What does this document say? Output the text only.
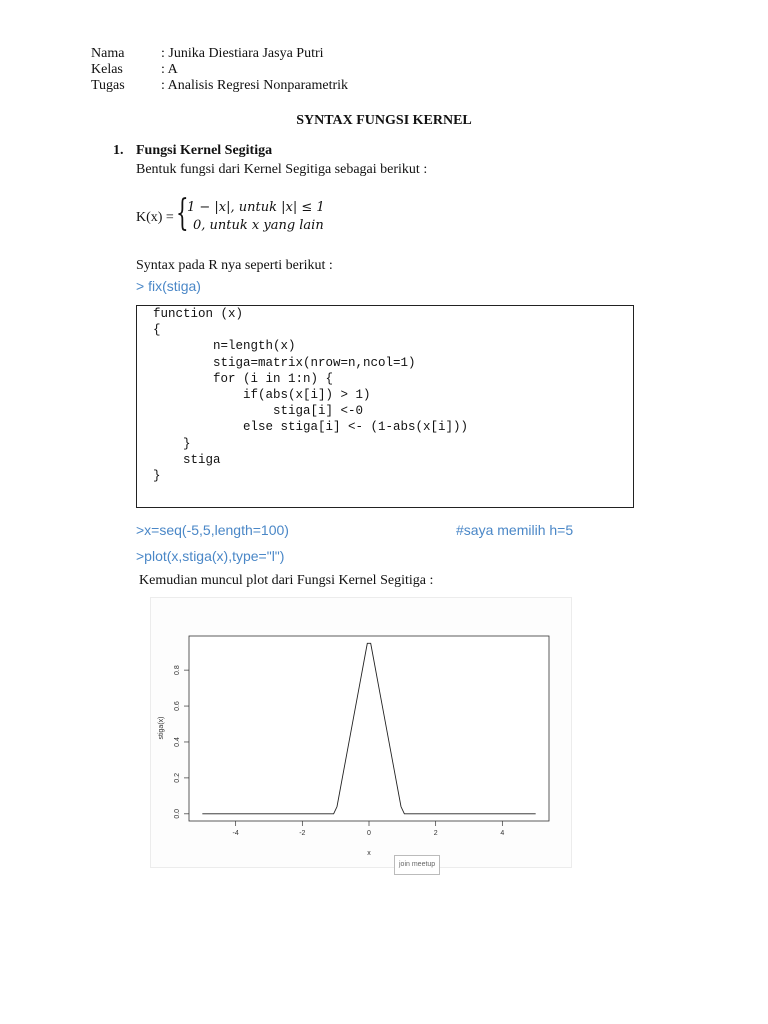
Nama	: Junika Diestiara Jasya Putri
Kelas	: A
Tugas	: Analisis Regresi Nonparametrik
SYNTAX FUNGSI KERNEL
1. Fungsi Kernel Segitiga
Bentuk fungsi dari Kernel Segitiga sebagai berikut :
K(x) = {
1 − |x|, untuk |x| ≤ 1
0, untuk x yang lain
Syntax pada R nya seperti berikut :
> fix(stiga)
function (x)
{
n=length(x)
stiga=matrix(nrow=n,ncol=1)
for (i in 1:n) {
if(abs(x[i]) > 1)
stiga[i] <-0
else stiga[i] <- (1-abs(x[i]))
}
stiga
}
>x=seq(-5,5,length=100)	#saya memilih h=5
>plot(x,stiga(x),type="l")
Kemudian muncul plot dari Fungsi Kernel Segitiga :
-4	-2	0	2	4
0.0
0.2
0.4
0.6
0.8
x
stiga(x)
join meetup
